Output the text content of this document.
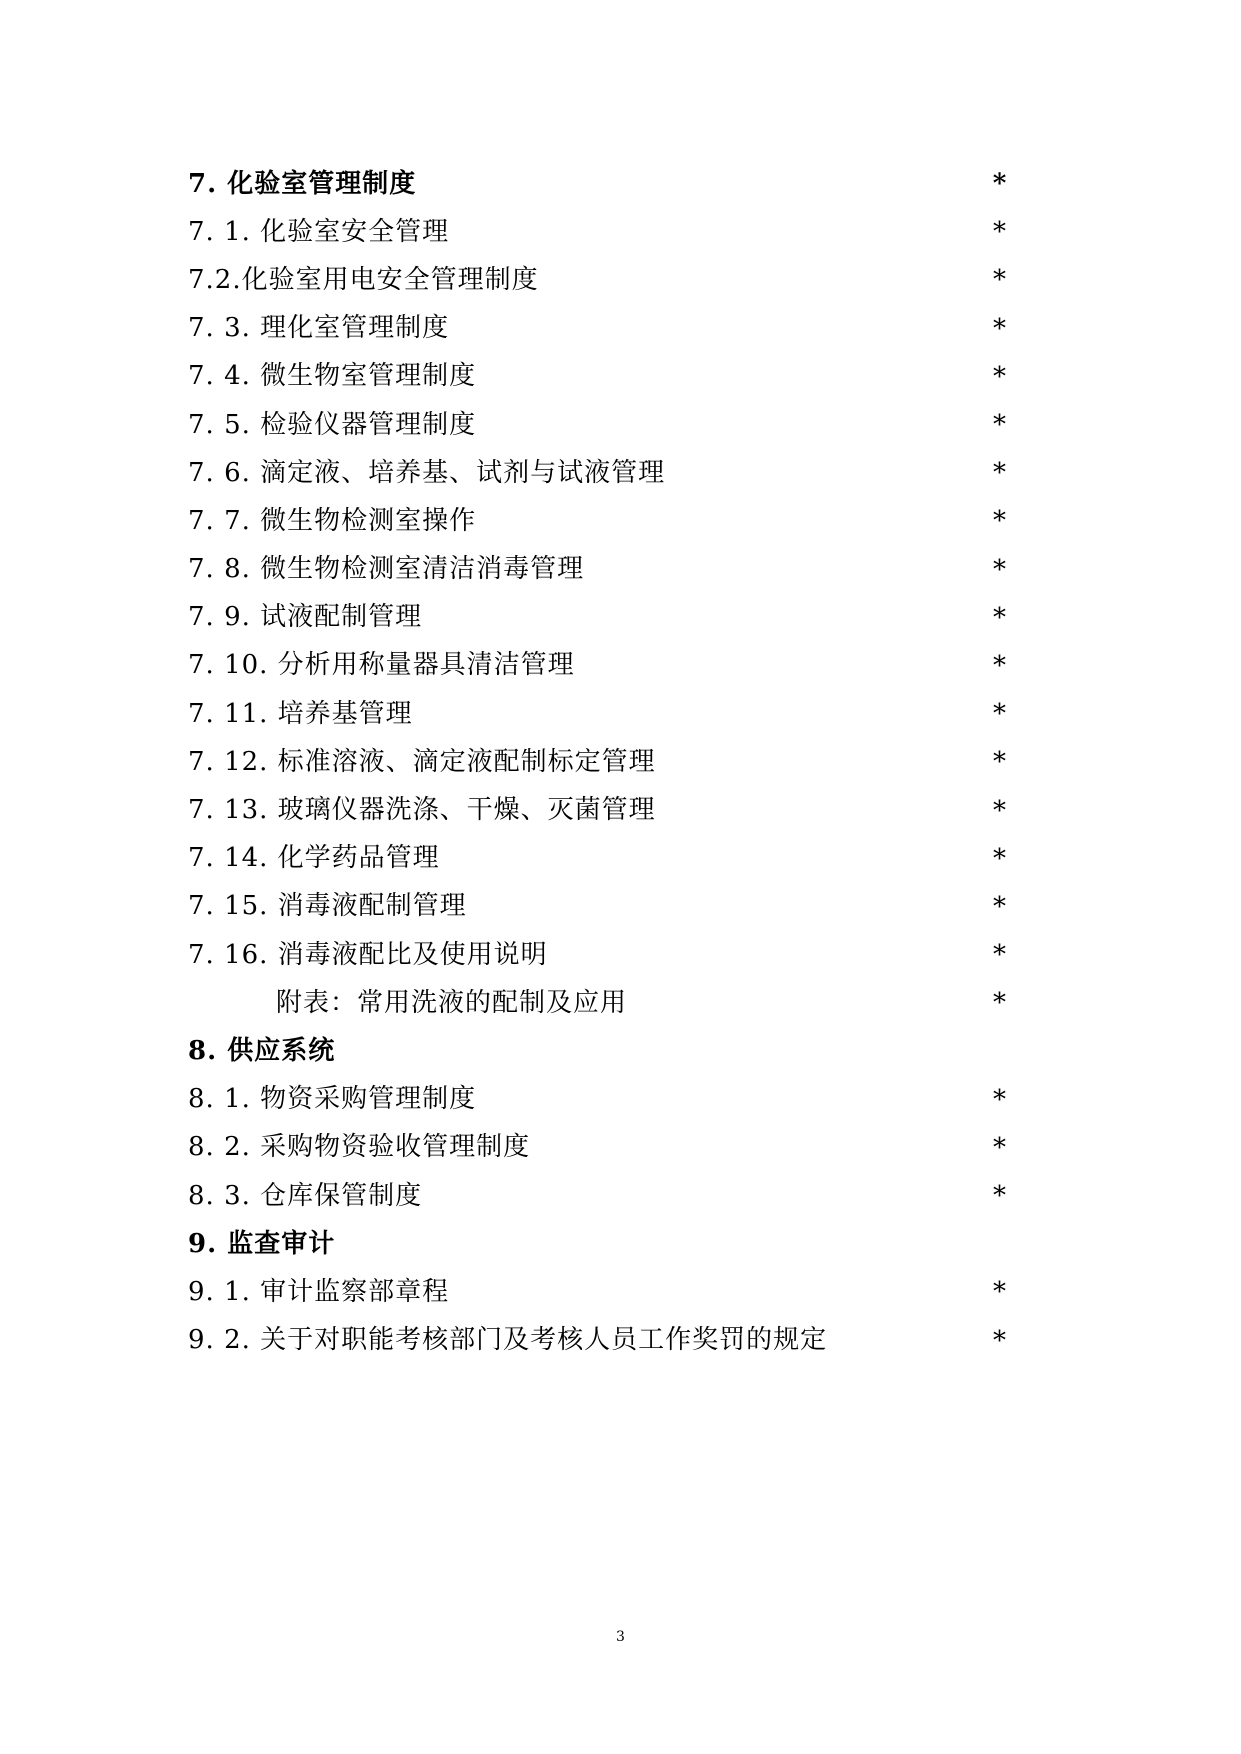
7. 化验室管理制度	*
7. 1. 化验室安全管理	*
7.2.化验室用电安全管理制度	*
7. 3. 理化室管理制度	*
7. 4. 微生物室管理制度	*
7. 5. 检验仪器管理制度	*
7. 6. 滴定液、培养基、试剂与试液管理	*
7. 7. 微生物检测室操作	*
7. 8. 微生物检测室清洁消毒管理	*
7. 9. 试液配制管理	*
7. 10. 分析用称量器具清洁管理	*
7. 11. 培养基管理	*
7. 12. 标准溶液、滴定液配制标定管理	*
7. 13. 玻璃仪器洗涤、干燥、灭菌管理	*
7. 14. 化学药品管理	*
7. 15. 消毒液配制管理	*
7. 16. 消毒液配比及使用说明	*
附表：常用洗液的配制及应用	*
8. 供应系统
8. 1. 物资采购管理制度	*
8. 2. 采购物资验收管理制度	*
8. 3. 仓库保管制度	*
9. 监查审计
9. 1. 审计监察部章程	*
9. 2. 关于对职能考核部门及考核人员工作奖罚的规定	*
3
